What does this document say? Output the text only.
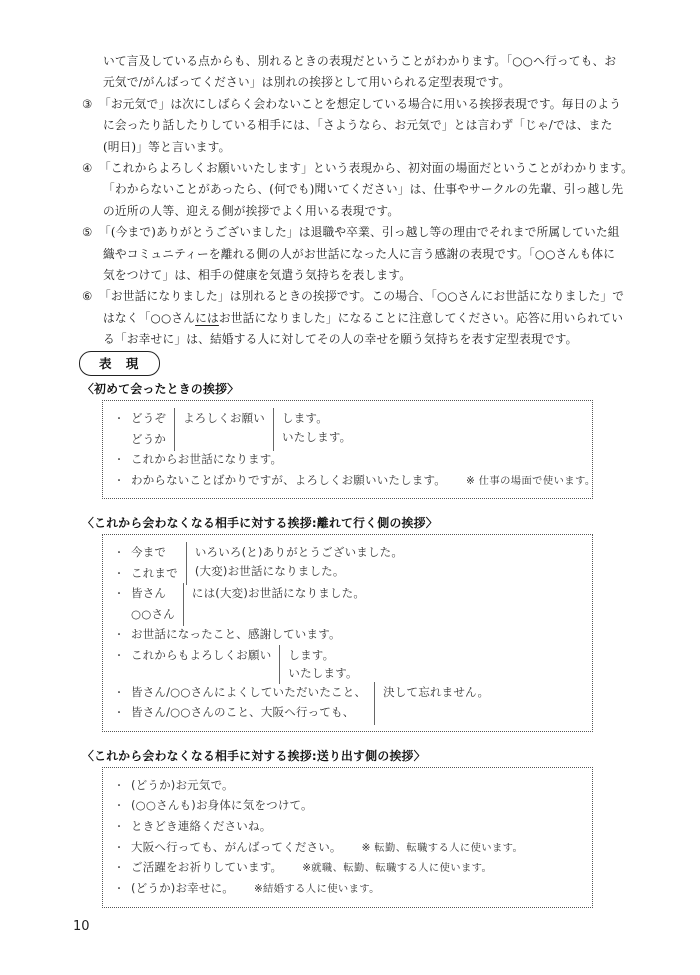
いて言及している点からも、別れるときの表現だということがわかります。「○○へ行っても、お
元気で/がんばってください」は別れの挨拶として用いられる定型表現です。
③ 「お元気で」は次にしばらく会わないことを想定している場合に用いる挨拶表現です。毎日のよう
に会ったり話したりしている相手には、「さようなら、お元気で」とは言わず「じゃ/では、また
(明日)」等と言います。
④ 「これからよろしくお願いいたします」という表現から、初対面の場面だということがわかります。
「わからないことがあったら、(何でも)聞いてください」は、仕事やサークルの先輩、引っ越し先
の近所の人等、迎える側が挨拶でよく用いる表現です。
⑤ 「(今まで)ありがとうございました」は退職や卒業、引っ越し等の理由でそれまで所属していた組
織やコミュニティーを離れる側の人がお世話になった人に言う感謝の表現です。「○○さんも体に
気をつけて」は、相手の健康を気遣う気持ちを表します。
⑥ 「お世話になりました」は別れるときの挨拶です。この場合、「○○さんにお世話になりました」で
はなく「○○さんにはお世話になりました」になることに注意してください。応答に用いられてい
る「お幸せに」は、結婚する人に対してその人の幸せを願う気持ちを表す定型表現です。
表 現
〈初めて会ったときの挨拶〉
・ どうぞ
どうか
よろしくお願い します。
いたします。
・ これからお世話になります。
・ わからないことばかりですが、よろしくお願いいたします。 ※ 仕事の場面で使います。
〈これから会わなくなる相手に対する挨拶:離れて行く側の挨拶〉
・ 今まで
・ これまで
いろいろ(と)ありがとうございました。
(大変)お世話になりました。
・ 皆さん
○○さん
には(大変)お世話になりました。
・ お世話になったこと、感謝しています。
・ これからもよろしくお願い します。
いたします。
・ 皆さん/○○さんによくしていただいたこと、
・ 皆さん/○○さんのこと、大阪へ行っても、
決して忘れません。
〈これから会わなくなる相手に対する挨拶:送り出す側の挨拶〉
・ (どうか)お元気で。
・ (○○さんも)お身体に気をつけて。
・ ときどき連絡くださいね。
・ 大阪へ行っても、がんばってください。 ※ 転勤、転職する人に使います。
・ ご活躍をお祈りしています。 ※就職、転勤、転職する人に使います。
・ (どうか)お幸せに。 ※結婚する人に使います。
10
